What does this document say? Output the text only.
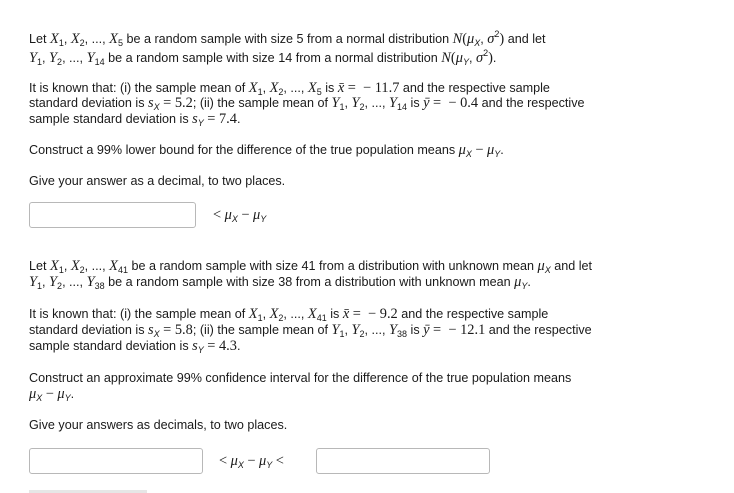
Let $X_1$, $X_2$, ..., $X_5$ be a random sample with size 5 from a normal distribution $N(\mu_X$, $\sigma^2$) and let
$Y_1$, $Y_2$, ..., $Y_{14}$ be a random sample with size 14 from a normal distribution $N(\mu_Y$, $\sigma^2$).
It is known that: (i) the sample mean of $X_1$, $X_2$, ..., $X_5$ is x̄ =  − 11.7 and the respective sample
standard deviation is $s_X = 5.2$; (ii) the sample mean of $Y_1$, $Y_2$, ..., $Y_{14}$ is ȳ =  − 0.4 and the respective
sample standard deviation is $s_Y = 7.4$.
Construct a 99% lower bound for the difference of the true population means $\mu_X - \mu_Y$.
Give your answer as a decimal, to two places.
< $\mu_X - \mu_Y$
Let $X_1$, $X_2$, ..., $X_{41}$ be a random sample with size 41 from a distribution with unknown mean $\mu_X$ and let
$Y_1$, $Y_2$, ..., $Y_{38}$ be a random sample with size 38 from a distribution with unknown mean $\mu_Y$.
It is known that: (i) the sample mean of $X_1$, $X_2$, ..., $X_{41}$ is x̄ =  − 9.2 and the respective sample
standard deviation is $s_X = 5.8$; (ii) the sample mean of $Y_1$, $Y_2$, ..., $Y_{38}$ is ȳ =  − 12.1 and the respective
sample standard deviation is $s_Y = 4.3$.
Construct an approximate 99% confidence interval for the difference of the true population means
$\mu_X - \mu_Y$.
Give your answers as decimals, to two places.
< $\mu_X - \mu_Y$ <
